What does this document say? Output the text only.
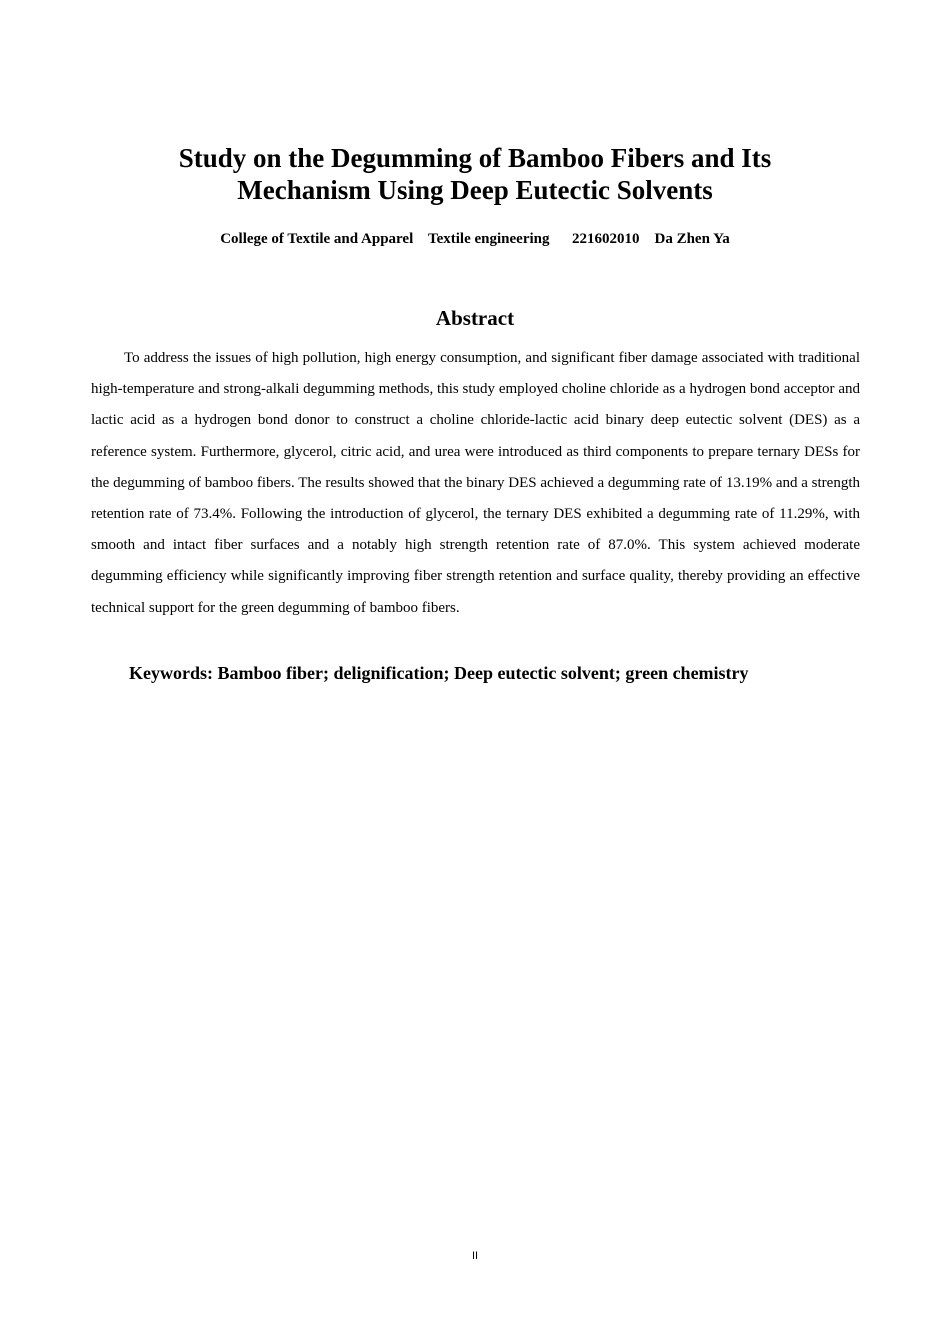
Study on the Degumming of Bamboo Fibers and Its
Mechanism Using Deep Eutectic Solvents
College of Textile and Apparel    Textile engineering      221602010    Da Zhen Ya
Abstract

To address the issues of high pollution, high energy consumption, and significant fiber damage associated with traditional high-temperature and strong-alkali degumming methods, this study employed choline chloride as a hydrogen bond acceptor and lactic acid as a hydrogen bond donor to construct a choline chloride-lactic acid binary deep eutectic solvent (DES) as a reference system. Furthermore, glycerol, citric acid, and urea were introduced as third components to prepare ternary DESs for the degumming of bamboo fibers. The results showed that the binary DES achieved a degumming rate of 13.19% and a strength retention rate of 73.4%. Following the introduction of glycerol, the ternary DES exhibited a degumming rate of 11.29%, with smooth and intact fiber surfaces and a notably high strength retention rate of 87.0%. This system achieved moderate degumming efficiency while significantly improving fiber strength retention and surface quality, thereby providing an effective technical support for the green degumming of bamboo fibers.

Keywords: Bamboo fiber; delignification; Deep eutectic solvent; green chemistry
II
